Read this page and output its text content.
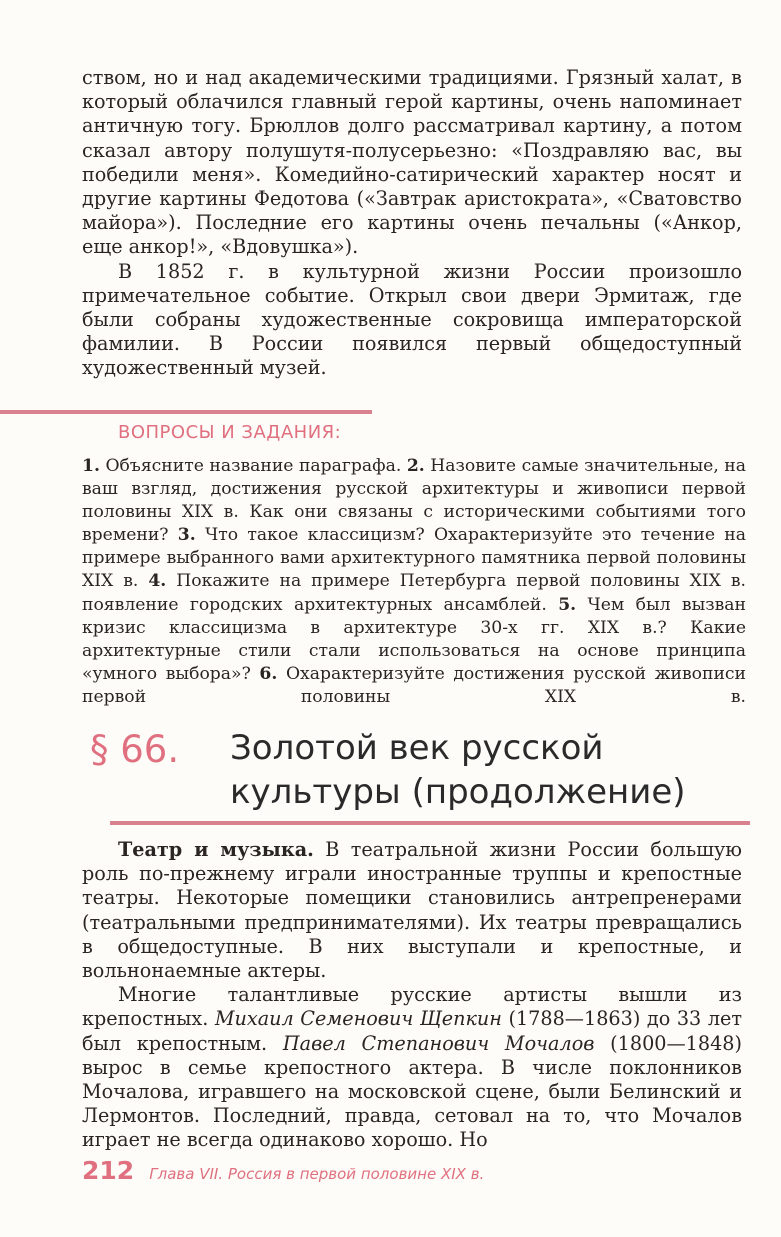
ством, но и над академическими традициями. Грязный халат, в который облачился главный герой картины, очень напоминает античную тогу. Брюллов долго рассматривал картину, а потом сказал автору полушутя-полусерьезно: «Поздравляю вас, вы победили меня». Комедийно-сатирический характер носят и другие картины Федотова («Завтрак аристократа», «Сватовство майора»). Последние его картины очень печальны («Анкор, еще анкор!», «Вдовушка»).

В 1852 г. в культурной жизни России произошло примечательное событие. Открыл свои двери Эрмитаж, где были собраны художественные сокровища императорской фамилии. В России появился первый общедоступный художественный музей.

ВОПРОСЫ И ЗАДАНИЯ:
1. Объясните название параграфа. 2. Назовите самые значительные, на ваш взгляд, достижения русской архитектуры и живописи первой половины XIX в. Как они связаны с историческими событиями того времени? 3. Что такое классицизм? Охарактеризуйте это течение на примере выбранного вами архитектурного памятника первой половины XIX в. 4. Покажите на примере Петербурга первой половины XIX в. появление городских архитектурных ансамблей. 5. Чем был вызван кризис классицизма в архитектуре 30-х гг. XIX в.? Какие архитектурные стили стали использоваться на основе принципа «умного выбора»? 6. Охарактеризуйте достижения русской живописи первой половины XIX в.
§ 66. Золотой век русской культуры (продолжение)

Театр и музыка. В театральной жизни России большую роль по-прежнему играли иностранные труппы и крепостные театры. Некоторые помещики становились антрепренерами (театральными предпринимателями). Их театры превращались в общедоступные. В них выступали и крепостные, и вольнонаемные актеры.

Многие талантливые русские артисты вышли из крепостных. Михаил Семенович Щепкин (1788—1863) до 33 лет был крепостным. Павел Степанович Мочалов (1800—1848) вырос в семье крепостного актера. В числе поклонников Мочалова, игравшего на московской сцене, были Белинский и Лермонтов. Последний, правда, сетовал на то, что Мочалов играет не всегда одинаково хорошо. Но

212 Глава VII. Россия в первой половине XIX в.
